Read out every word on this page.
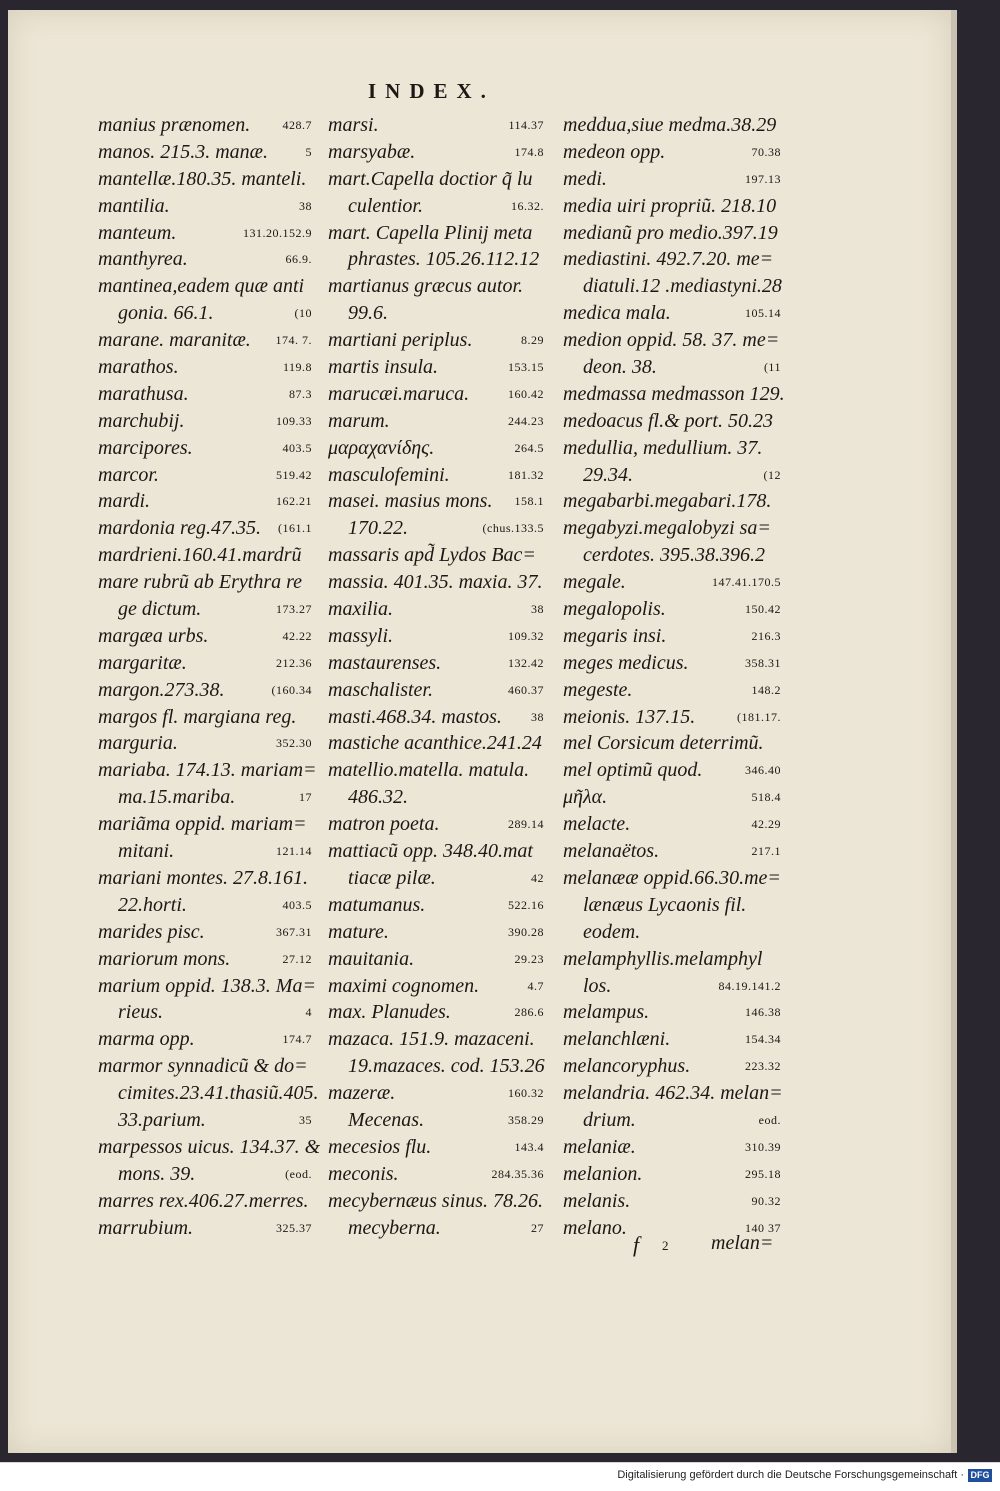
INDEX.
manius prænomen.	428.7
manos. 215.3. manæ.	5
mantellæ.180.35. manteli.
mantilia.	38
manteum.	131.20.152.9
manthyrea.	66.9.
mantinea,eadem quæ anti
gonia. 66.1.	(10
marane. maranitæ. 174. 7.
marathos.	119.8
marathusa.	87.3
marchubij.	109.33
marcipores.	403.5
marcor.	519.42
mardi.	162.21
mardonia reg.47.35. (161.1
mardrieni.160.41.mardrũ
mare rubrũ ab Erythra re
ge dictum.	173.27
margæa urbs.	42.22
margaritæ.	212.36
margon.273.38.	(160.34
margos fl. margiana reg.
marguria.	352.30
mariaba. 174.13. mariam=
ma.15.mariba.	17
mariãma oppid. mariam=
mitani.	121.14
mariani montes. 27.8.161.
22.horti.	403.5
marides pisc.	367.31
mariorum mons.	27.12
marium oppid. 138.3. Ma=
rieus.	4
marma opp.	174.7
marmor synnadicũ & do=
cimites.23.41.thasiũ.405.
33.parium.	35
marpessos uicus. 134.37. &
mons. 39.	(eod.
marres rex.406.27.merres.
marrubium.	325.37
marsi.	114.37
marsyabæ.	174.8
mart.Capella doctior q̃ lu
culentior.	16.32.
mart. Capella Plinij meta
phrastes. 105.26.112.12
martianus græcus autor.
99.6.
martiani periplus.	8.29
martis insula.	153.15
marucæi.maruca.	160.42
marum.	244.23
μαραχανίδης.	264.5
masculofemini.	181.32
masei. masius mons. 158.1
170.22.	(chus.133.5
massaris apd̃ Lydos Bac=
massia. 401.35. maxia. 37.
maxilia.	38
massyli.	109.32
mastaurenses.	132.42
maschalister.	460.37
masti.468.34. mastos. 38
mastiche acanthice.241.24
matellio.matella. matula.
486.32.
matron poeta.	289.14
mattiacũ opp. 348.40.mat
tiacæ pilæ.	42
matumanus.	522.16
mature.	390.28
mauitania.	29.23
maximi cognomen.	4.7
max. Planudes.	286.6
mazaca. 151.9. mazaceni.
19.mazaces. cod. 153.26
mazeræ.	160.32
Mecenas.	358.29
mecesios flu.	143.4
meconis.	284.35.36
mecybernæus sinus. 78.26.
mecyberna.	27
meddua,siue medma.38.29
medeon opp.	70.38
medi.	197.13
media uiri propriũ. 218.10
medianũ pro medio.397.19
mediastini. 492.7.20. me=
diatuli.12 .mediastyni.28
medica mala.	105.14
medion oppid. 58. 37. me=
deon. 38.	(11
medmassa medmasson 129.
medoacus fl.& port. 50.23
medullia, medullium. 37.
29.34.	(12
megabarbi.megabari.178.
megabyzi.megalobyzi sa=
cerdotes. 395.38.396.2
megale.	147.41.170.5
megalopolis.	150.42
megaris insi.	216.3
meges medicus.	358.31
megeste.	148.2
meionis. 137.15.	(181.17.
mel Corsicum deterrimũ.
mel optimũ quod.	346.40
μῆλα.	518.4
melacte.	42.29
melanaëtos.	217.1
melanææ oppid.66.30.me=
lænæus Lycaonis fil.
eodem.
melamphyllis.melamphyl
los.	84.19.141.2
melampus.	146.38
melanchlæni.	154.34
melancoryphus.	223.32
melandria. 462.34. melan=
drium.	eod.
melaniæ.	310.39
melanion.	295.18
melanis.	90.32
melano.	140 37
f 2 melan=
Digitalisierung gefördert durch die Deutsche Forschungsgemeinschaft · DFG
